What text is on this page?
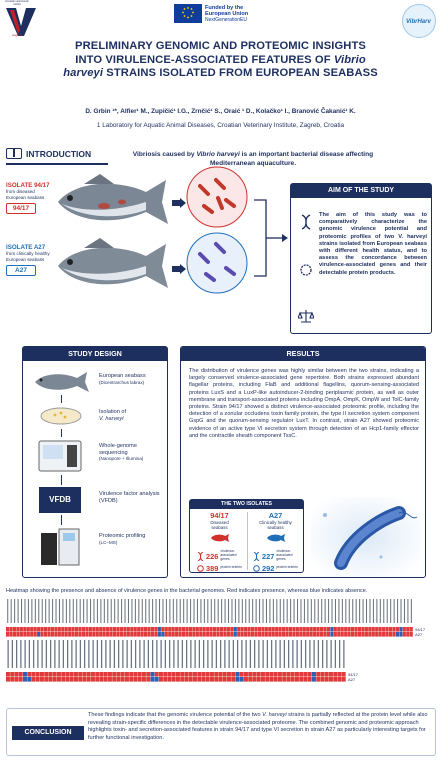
Hrvatski veterinarski institut
Zagreb
Funded by the
European Union
NextGenerationEU	VibrHarv
PRELIMINARY GENOMIC AND PROTEOMIC INSIGHTS
INTO VIRULENCE-ASSOCIATED FEATURES OF Vibrio
harveyi STRAINS ISOLATED FROM EUROPEAN SEABASS
D. Grbin ¹*, Alfier¹ M., Zupičić¹ I.G., Zrnčić¹ S., Oraić ¹ D., Kolačko¹ I., Branović Čakanić¹ K.
1 Laboratory for Aquatic Animal Diseases, Croatian Veterinary Institute, Zagreb, Croatia
INTRODUCTION	Vibriosis caused by Vibrio harveyi is an important bacterial disease affecting Mediterranean aquaculture.
ISOLATE 94/17
from diseased
European seabass
94/17
ISOLATE A27
from clinically healthy
European seabass
A27
AIM OF THE STUDY
The aim of this study was to comparatively characterize the genomic virulence potential and proteomic profiles of two V. harveyi strains isolated from European seabass with different health status, and to assess the concordance between virulence-associated genes and their detectable protein products.
STUDY DESIGN
VFDB
European seabass
(Dicentrarchus labrax)
Isolation of
V. harveyi
Whole-genome sequencing
(Nanopore + Illumina)
Virulence factor analysis (VFDB)
Proteomic profiling
(LC–MS)
RESULTS
The distribution of virulence genes was highly similar between the two strains, indicating a largely conserved virulence-associated gene repertoire. Both strains expressed abundant flagellar proteins, including FlaB and additional flagellins, quorum-sensing-associated proteins LuxS and a LuxP-like autoinducer-2-binding periplasmic protein, as well as outer membrane and transport-associated proteins including OmpA, OmpK, OmpW and TolC-family proteins. Strain 94/17 showed a distinct virulence-associated proteomic profile, including the detection of a zonular occludens toxin family protein, the type II secretion system component GspG and the quorum-sensing regulator LuxT. In contrast, strain A27 showed proteomic evidence of an active type VI secretion system through detection of an Hcp1-family effector and the contractile sheath component TssC.
THE TWO ISOLATES
94/17
Diseased
seabass
226
virulence-associated genes
389 protein entries
A27
Clinically healthy
seabass
227
virulence-associated genes
292 protein entries
Heatmap showing the presence and absence of virulence genes in the bacterial genomes. Red indicates presence, whereas blue indicates absence.
94/17
A27
94/17
A27
CONCLUSION
These findings indicate that the genomic virulence potential of the two V. harveyi strains is partially reflected at the protein level while also revealing strain-specific differences in the detectable virulence-associated proteome. The combined genomic and proteomic approach highlights toxin- and secretion-associated features in strain 94/17 and type VI secretion in strain A27 as particularly interesting targets for further functional investigation.
